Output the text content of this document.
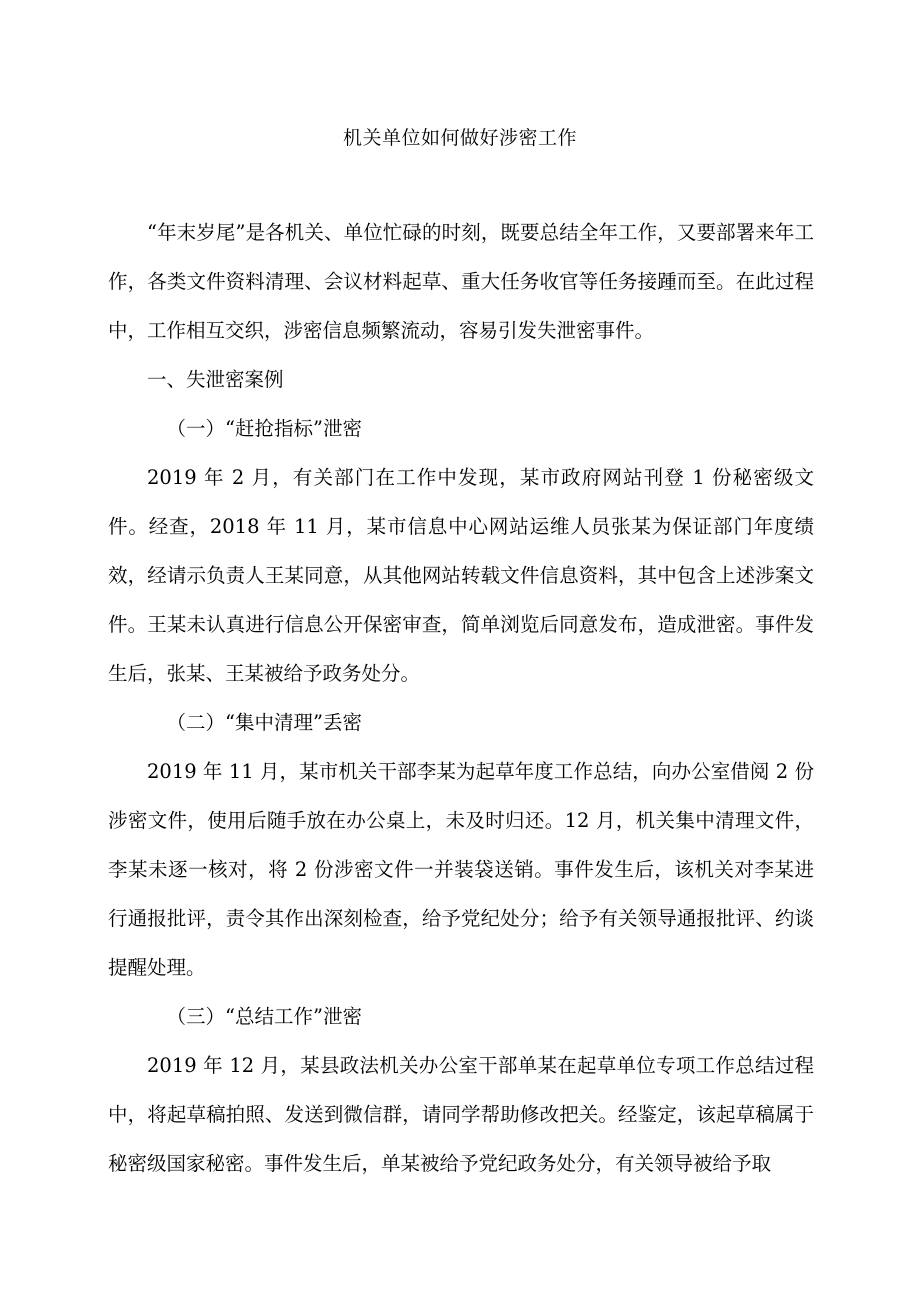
机关单位如何做好涉密工作

“年末岁尾”是各机关、单位忙碌的时刻，既要总结全年工作，又要部署来年工作，各类文件资料清理、会议材料起草、重大任务收官等任务接踵而至。在此过程中，工作相互交织，涉密信息频繁流动，容易引发失泄密事件。

一、失泄密案例

（一）“赶抢指标”泄密

2019 年 2 月，有关部门在工作中发现，某市政府网站刊登 1 份秘密级文件。经查，2018 年 11 月，某市信息中心网站运维人员张某为保证部门年度绩效，经请示负责人王某同意，从其他网站转载文件信息资料，其中包含上述涉案文件。王某未认真进行信息公开保密审查，简单浏览后同意发布，造成泄密。事件发生后，张某、王某被给予政务处分。

（二）“集中清理”丢密

2019 年 11 月，某市机关干部李某为起草年度工作总结，向办公室借阅 2 份涉密文件，使用后随手放在办公桌上，未及时归还。12 月，机关集中清理文件，李某未逐一核对，将 2 份涉密文件一并装袋送销。事件发生后，该机关对李某进行通报批评，责令其作出深刻检查，给予党纪处分；给予有关领导通报批评、约谈提醒处理。

（三）“总结工作”泄密

2019 年 12 月，某县政法机关办公室干部单某在起草单位专项工作总结过程中，将起草稿拍照、发送到微信群，请同学帮助修改把关。经鉴定，该起草稿属于秘密级国家秘密。事件发生后，单某被给予党纪政务处分，有关领导被给予取
